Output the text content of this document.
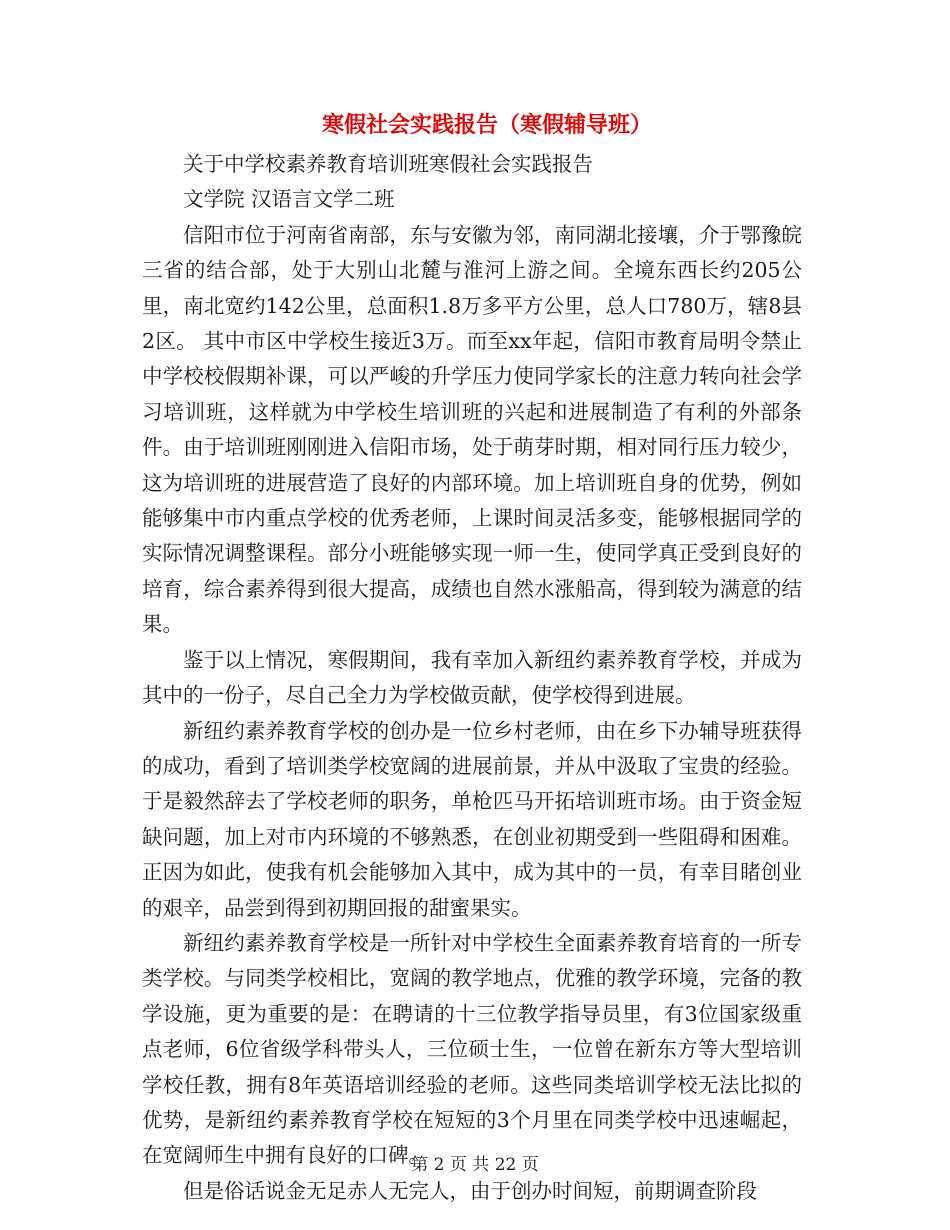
寒假社会实践报告（寒假辅导班）

关于中学校素养教育培训班寒假社会实践报告

文学院 汉语言文学二班

信阳市位于河南省南部，东与安徽为邻，南同湖北接壤，介于鄂豫皖三省的结合部，处于大别山北麓与淮河上游之间。全境东西长约205公里，南北宽约142公里，总面积1.8万多平方公里，总人口780万，辖8县2区。 其中市区中学校生接近3万。而至xx年起，信阳市教育局明令禁止中学校校假期补课，可以严峻的升学压力使同学家长的注意力转向社会学习培训班，这样就为中学校生培训班的兴起和进展制造了有利的外部条件。由于培训班刚刚进入信阳市场，处于萌芽时期，相对同行压力较少，这为培训班的进展营造了良好的内部环境。加上培训班自身的优势，例如能够集中市内重点学校的优秀老师，上课时间灵活多变，能够根据同学的实际情况调整课程。部分小班能够实现一师一生，使同学真正受到良好的培育，综合素养得到很大提高，成绩也自然水涨船高，得到较为满意的结果。

鉴于以上情况，寒假期间，我有幸加入新纽约素养教育学校，并成为其中的一份子，尽自己全力为学校做贡献，使学校得到进展。

新纽约素养教育学校的创办是一位乡村老师，由在乡下办辅导班获得的成功，看到了培训类学校宽阔的进展前景，并从中汲取了宝贵的经验。于是毅然辞去了学校老师的职务，单枪匹马开拓培训班市场。由于资金短缺问题，加上对市内环境的不够熟悉，在创业初期受到一些阻碍和困难。正因为如此，使我有机会能够加入其中，成为其中的一员，有幸目睹创业的艰辛，品尝到得到初期回报的甜蜜果实。

新纽约素养教育学校是一所针对中学校生全面素养教育培育的一所专类学校。与同类学校相比，宽阔的教学地点，优雅的教学环境，完备的教学设施，更为重要的是：在聘请的十三位教学指导员里，有3位国家级重点老师，6位省级学科带头人，三位硕士生，一位曾在新东方等大型培训学校任教，拥有8年英语培训经验的老师。这些同类培训学校无法比拟的优势，是新纽约素养教育学校在短短的3个月里在同类学校中迅速崛起，在宽阔师生中拥有良好的口碑。

但是俗话说金无足赤人无完人，由于创办时间短，前期调查阶段

第 2 页 共 22 页
